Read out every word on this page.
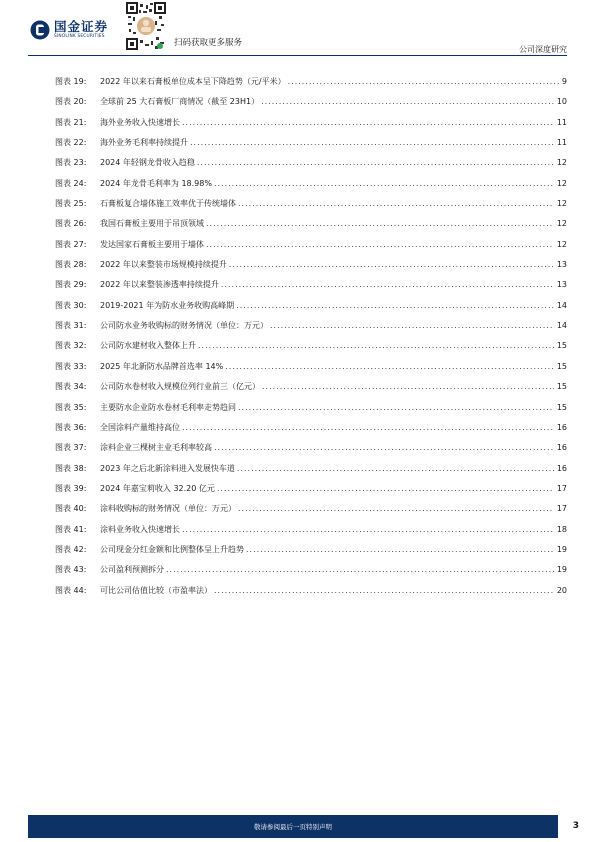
国金证券
SINOLINK SECURITIES
扫码获取更多服务
公司深度研究
图表 19:	2022 年以来石膏板单位成本呈下降趋势（元/平米） .....	9
图表 20:	全球前 25 大石膏板厂商情况（截至 23H1） .....	10
图表 21:	海外业务收入快速增长 .....	11
图表 22:	海外业务毛利率持续提升 .....	11
图表 23:	2024 年轻钢龙骨收入趋稳 .....	12
图表 24:	2024 年龙骨毛利率为 18.98% .....	12
图表 25:	石膏板复合墙体施工效率优于传统墙体 .....	12
图表 26:	我国石膏板主要用于吊顶领域 .....	12
图表 27:	发达国家石膏板主要用于墙体 .....	12
图表 28:	2022 年以来整装市场规模持续提升 .....	13
图表 29:	2022 年以来整装渗透率持续提升 .....	13
图表 30:	2019-2021 年为防水业务收购高峰期 .....	14
图表 31:	公司防水业务收购标的财务情况（单位：万元） .....	14
图表 32:	公司防水建材收入整体上升 .....	15
图表 33:	2025 年北新防水品牌首选率 14% .....	15
图表 34:	公司防水卷材收入规模位列行业前三（亿元） .....	15
图表 35:	主要防水企业防水卷材毛利率走势趋同 .....	15
图表 36:	全国涂料产量维持高位 .....	16
图表 37:	涂料企业三棵树主业毛利率较高 .....	16
图表 38:	2023 年之后北新涂料进入发展快车道 .....	16
图表 39:	2024 年嘉宝莉收入 32.20 亿元 .....	17
图表 40:	涂料收购标的财务情况（单位：万元） .....	17
图表 41:	涂料业务收入快速增长 .....	18
图表 42:	公司现金分红金额和比例整体呈上升趋势 .....	19
图表 43:	公司盈利预测拆分 .....	19
图表 44:	可比公司估值比较（市盈率法） .....	20
敬请参阅最后一页特别声明	3
